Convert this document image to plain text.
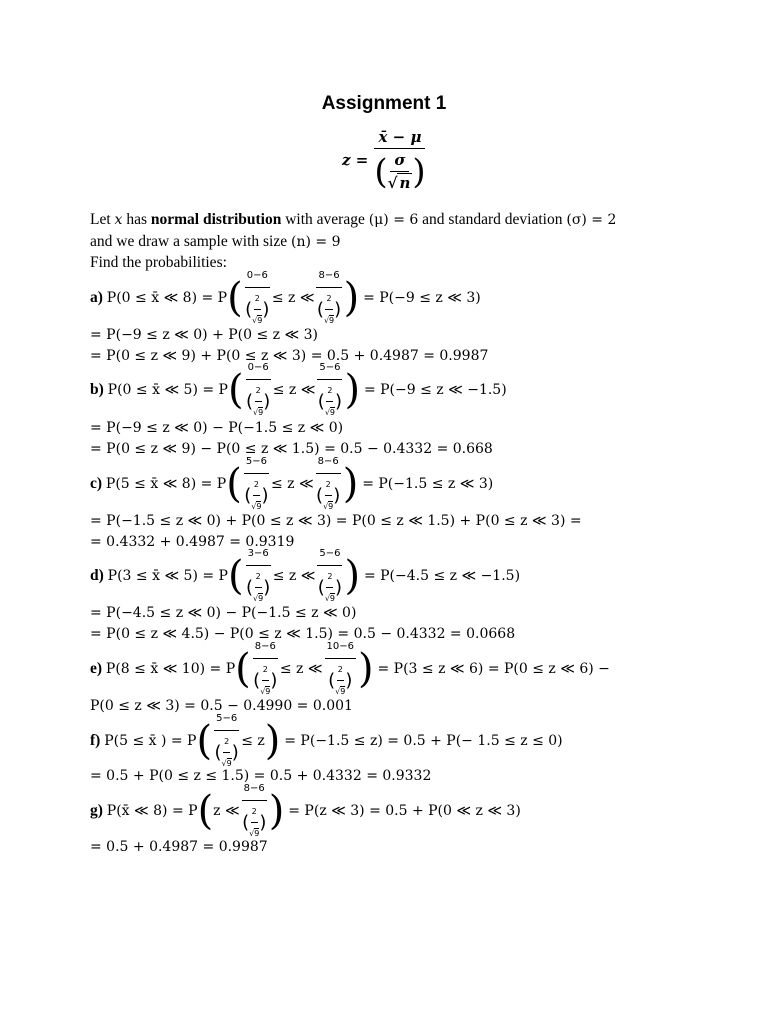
Assignment 1
$z = \frac{x̄ - \mu}{( \frac{\sigma}{√ n} )}$
Let x has normal distribution with average (μ) = 6 and standard deviation (σ) = 2
and we draw a sample with size (n) = 9
Find the probabilities:
a)
P(0 ≤ x̄ ≪ 8) = P ( 0−6
(
2
√9
) ≤ z ≪
8−6
(
2
√9
) )
= P(−9 ≤ z ≪ 3)
= P(−9 ≤ z ≪ 0) + P(0 ≤ z ≪ 3)
= P(0 ≤ z ≪ 9) + P(0 ≤ z ≪ 3) = 0.5 + 0.4987 = 0.9987
b)
P(0 ≤ x̄ ≪ 5) = P ( 0−6
(
2
√9
) ≤ z ≪
5−6
(
2
√9
) )
= P(−9 ≤ z ≪ −1.5)
= P(−9 ≤ z ≪ 0) − P(−1.5 ≤ z ≪ 0)
= P(0 ≤ z ≪ 9) − P(0 ≤ z ≪ 1.5) = 0.5 − 0.4332 = 0.668
c)
P(5 ≤ x̄ ≪ 8) = P ( 5−6
(
2
√9
) ≤ z ≪
8−6
(
2
√9
) )
= P(−1.5 ≤ z ≪ 3)
= P(−1.5 ≤ z ≪ 0) + P(0 ≤ z ≪ 3) = P(0 ≤ z ≪ 1.5) + P(0 ≤ z ≪ 3) =
= 0.4332 + 0.4987 = 0.9319
d)
P(3 ≤ x̄ ≪ 5) = P ( 3−6
(
2
√9
) ≤ z ≪
5−6
(
2
√9
) )
= P(−4.5 ≤ z ≪ −1.5)
= P(−4.5 ≤ z ≪ 0) − P(−1.5 ≤ z ≪ 0)
= P(0 ≤ z ≪ 4.5) − P(0 ≤ z ≪ 1.5) = 0.5 − 0.4332 = 0.0668
e)
P(8 ≤ x̄ ≪ 10) = P ( 8−6
(
2
√9
) ≤ z ≪
10−6
(
2
√9
) )
= P(3 ≤ z ≪ 6) = P(0 ≤ z ≪ 6) −
P(0 ≤ z ≪ 3) = 0.5 − 0.4990 = 0.001
f)
P(5 ≤ x̄ ) = P ( 5−6
(
2
√9
) ≤ z )
= P(−1.5 ≤ z) = 0.5 + P(− 1.5 ≤ z ≤ 0)
= 0.5 + P(0 ≤ z ≤ 1.5) = 0.5 + 0.4332 = 0.9332
g)
P(x̄ ≪ 8) = P ( z ≪
8−6
(
2
√9
) )
= P(z ≪ 3) = 0.5 + P(0 ≪ z ≪ 3)
= 0.5 + 0.4987 = 0.9987
